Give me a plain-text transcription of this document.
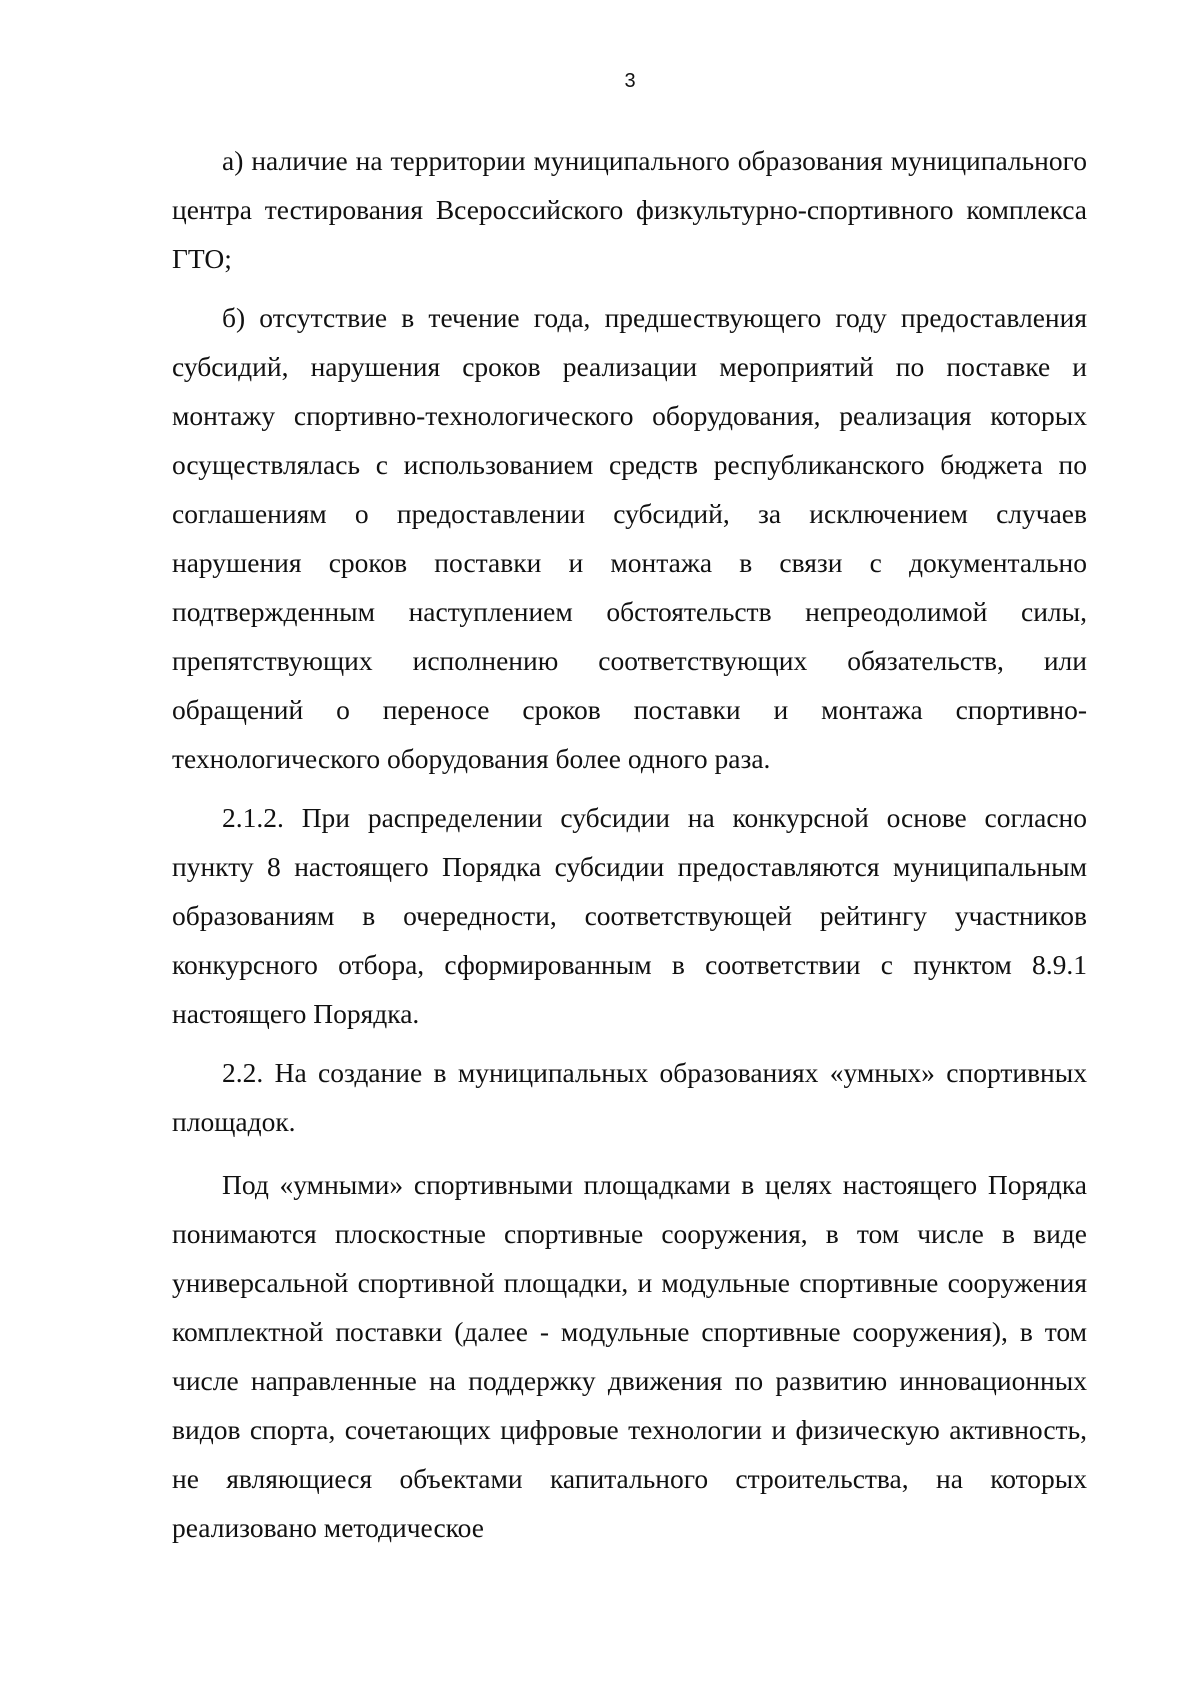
3

а) наличие на территории муниципального образования муниципального центра тестирования Всероссийского физкультурно-спортивного комплекса ГТО;

б) отсутствие в течение года, предшествующего году предоставления субсидий, нарушения сроков реализации мероприятий по поставке и монтажу спортивно-технологического оборудования, реализация которых осуществлялась с использованием средств республиканского бюджета по соглашениям о предоставлении субсидий, за исключением случаев нарушения сроков поставки и монтажа в связи с документально подтвержденным наступлением обстоятельств непреодолимой силы, препятствующих исполнению соответствующих обязательств, или обращений о переносе сроков поставки и монтажа спортивно-технологического оборудования более одного раза.

2.1.2. При распределении субсидии на конкурсной основе согласно пункту 8 настоящего Порядка субсидии предоставляются муниципальным образованиям в очередности, соответствующей рейтингу участников конкурсного отбора, сформированным в соответствии с пунктом 8.9.1 настоящего Порядка.

2.2. На создание в муниципальных образованиях «умных» спортивных площадок.

Под «умными» спортивными площадками в целях настоящего Порядка понимаются плоскостные спортивные сооружения, в том числе в виде универсальной спортивной площадки, и модульные спортивные сооружения комплектной поставки (далее - модульные спортивные сооружения), в том числе направленные на поддержку движения по развитию инновационных видов спорта, сочетающих цифровые технологии и физическую активность, не являющиеся объектами капитального строительства, на которых реализовано методическое
